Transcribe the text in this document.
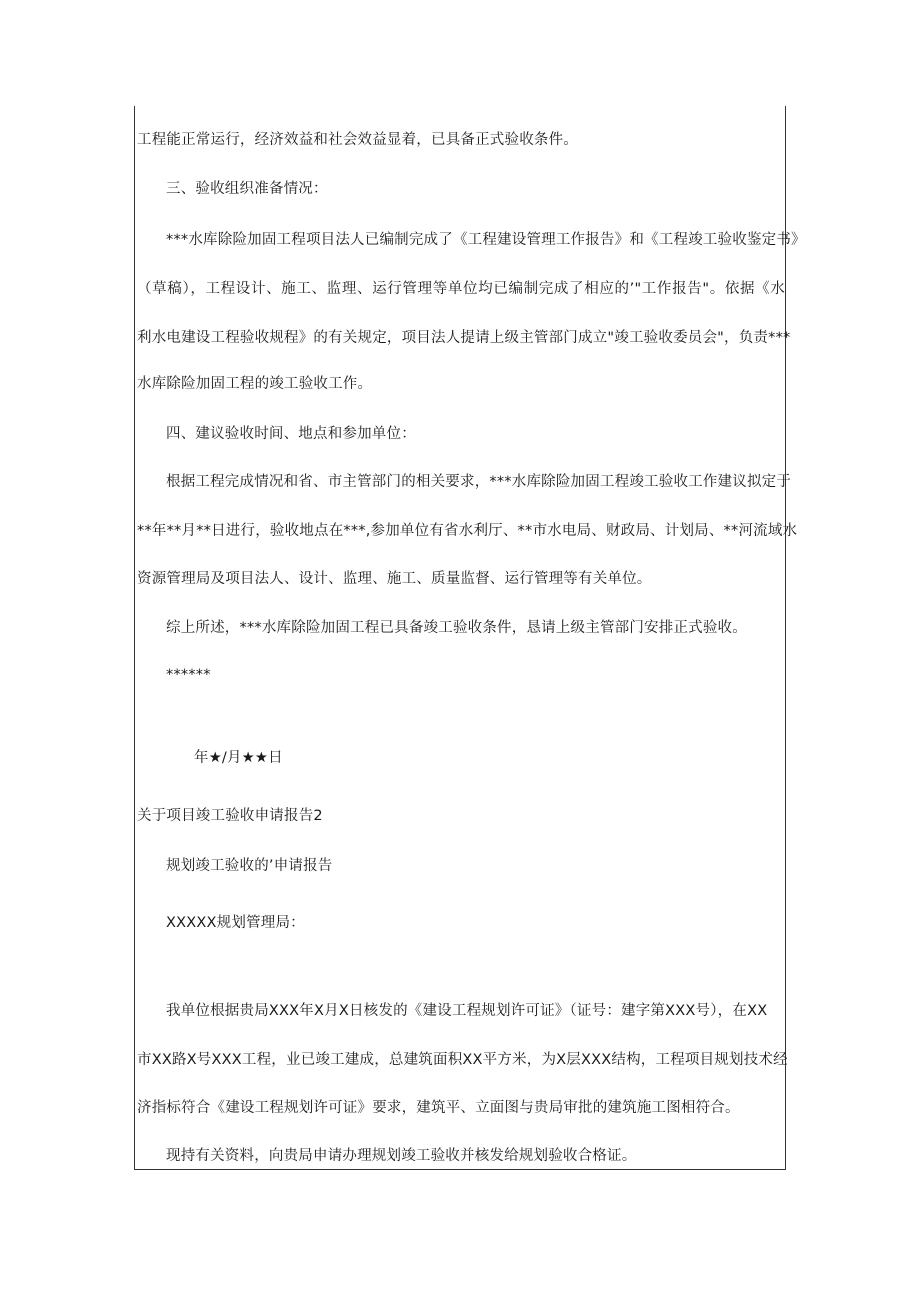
工程能正常运行，经济效益和社会效益显着，已具备正式验收条件。
三、验收组织准备情况：
***水库除险加固工程项目法人已编制完成了《工程建设管理工作报告》和《工程竣工验收鉴定书》
（草稿），工程设计、施工、监理、运行管理等单位均已编制完成了相应的’"工作报告"。依据《水
利水电建设工程验收规程》的有关规定，项目法人提请上级主管部门成立"竣工验收委员会"，负责***
水库除险加固工程的竣工验收工作。
四、建议验收时间、地点和参加单位：
根据工程完成情况和省、市主管部门的相关要求，***水库除险加固工程竣工验收工作建议拟定于
**年**月**日进行，验收地点在***,参加单位有省水利厅、**市水电局、财政局、计划局、**河流域水
资源管理局及项目法人、设计、监理、施工、质量监督、运行管理等有关单位。
综上所述，***水库除险加固工程已具备竣工验收条件，恳请上级主管部门安排正式验收。
******
年★/月★★日
关于项目竣工验收申请报告2
规划竣工验收的’申请报告
XXXXX规划管理局：
我单位根据贵局XXX年X月X日核发的《建设工程规划许可证》（证号：建字第XXX号），在XX
市XX路X号XXX工程，业已竣工建成，总建筑面积XX平方米，为X层XXX结构，工程项目规划技术经
济指标符合《建设工程规划许可证》要求，建筑平、立面图与贵局审批的建筑施工图相符合。
现持有关资料，向贵局申请办理规划竣工验收并核发给规划验收合格证。
